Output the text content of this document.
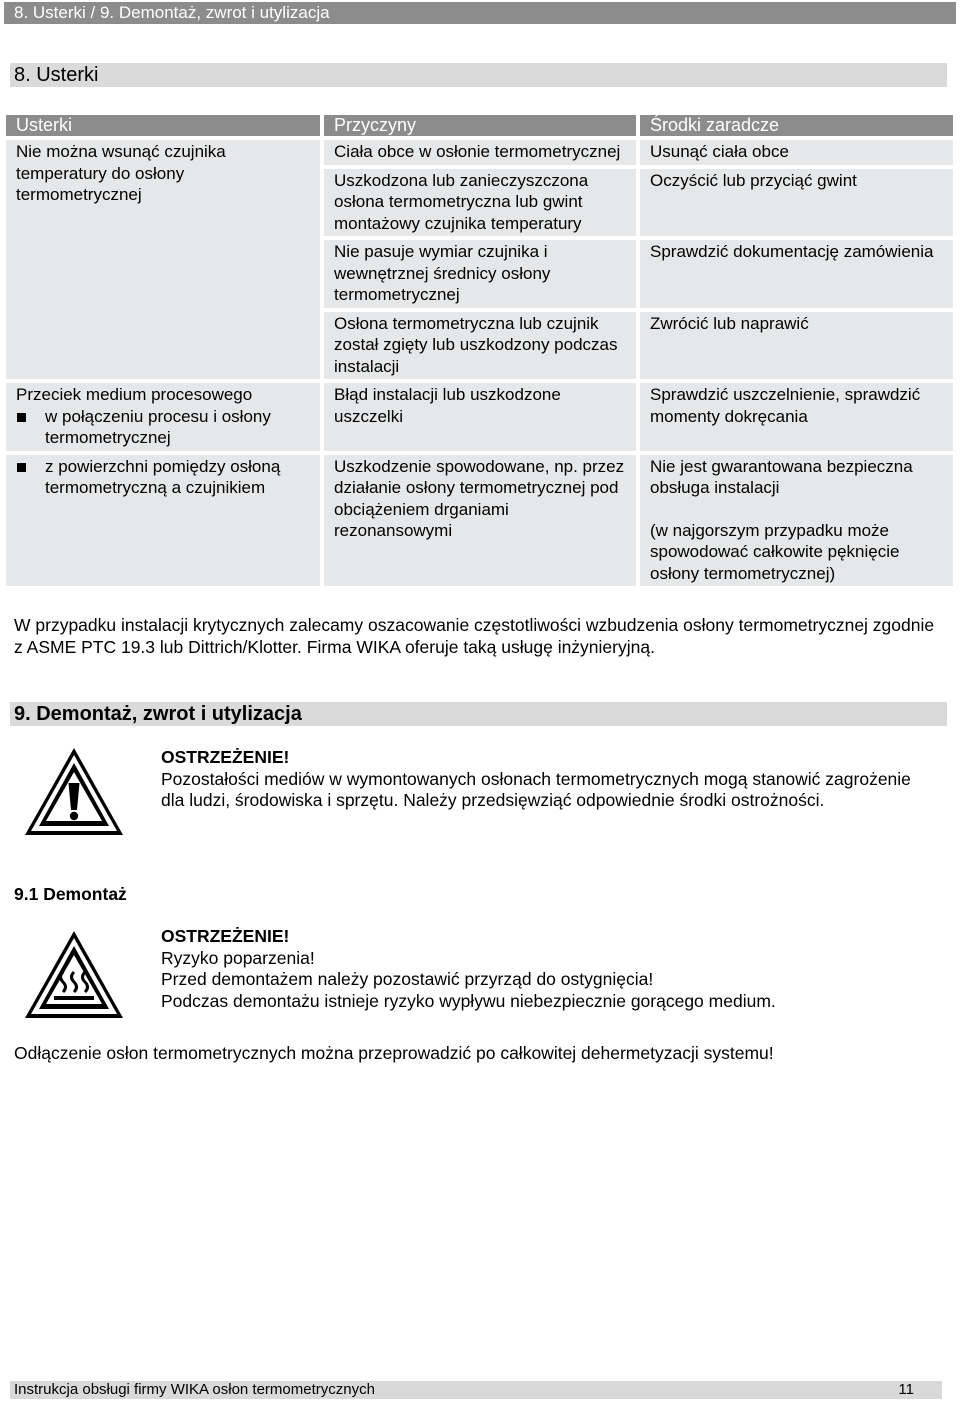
8. Usterki / 9. Demontaż, zwrot i utylizacja
8. Usterki
Usterki	Przyczyny	Środki zaradcze
Nie można wsunąć czujnika temperatury do osłony termometrycznej	Ciała obce w osłonie termometrycznej	Usunąć ciała obce
	Uszkodzona lub zanieczyszczona osłona termometryczna lub gwint montażowy czujnika temperatury	Oczyścić lub przyciąć gwint
	Nie pasuje wymiar czujnika i wewnętrznej średnicy osłony termometrycznej	Sprawdzić dokumentację zamówienia
	Osłona termometryczna lub czujnik został zgięty lub uszkodzony podczas instalacji	Zwrócić lub naprawić

Przeciek medium procesowego
w połączeniu procesu i osłony termometrycznej	Błąd instalacji lub uszkodzone uszczelki	Sprawdzić uszczelnienie, sprawdzić momenty dokręcania

z powierzchni pomiędzy osłoną termometryczną a czujnikiem	Uszkodzenie spowodowane, np. przez działanie osłony termometrycznej pod obciążeniem drganiami rezonansowymi	Nie jest gwarantowana bezpieczna obsługa instalacji
(w najgorszym przypadku może spowodować całkowite pęknięcie osłony termometrycznej)
W przypadku instalacji krytycznych zalecamy oszacowanie częstotliwości wzbudzenia osłony termometrycznej zgodnie z ASME PTC 19.3 lub Dittrich/Klotter. Firma WIKA oferuje taką usługę inżynieryjną.
9. Demontaż, zwrot i utylizacja
OSTRZEŻENIE!
Pozostałości mediów w wymontowanych osłonach termometrycznych mogą stanowić zagrożenie dla ludzi, środowiska i sprzętu. Należy przedsięwziąć odpowiednie środki ostrożności.
9.1 Demontaż
OSTRZEŻENIE!
Ryzyko poparzenia!
Przed demontażem należy pozostawić przyrząd do ostygnięcia!
Podczas demontażu istnieje ryzyko wypływu niebezpiecznie gorącego medium.
Odłączenie osłon termometrycznych można przeprowadzić po całkowitej dehermetyzacji systemu!
Instrukcja obsługi firmy WIKA osłon termometrycznych	11
